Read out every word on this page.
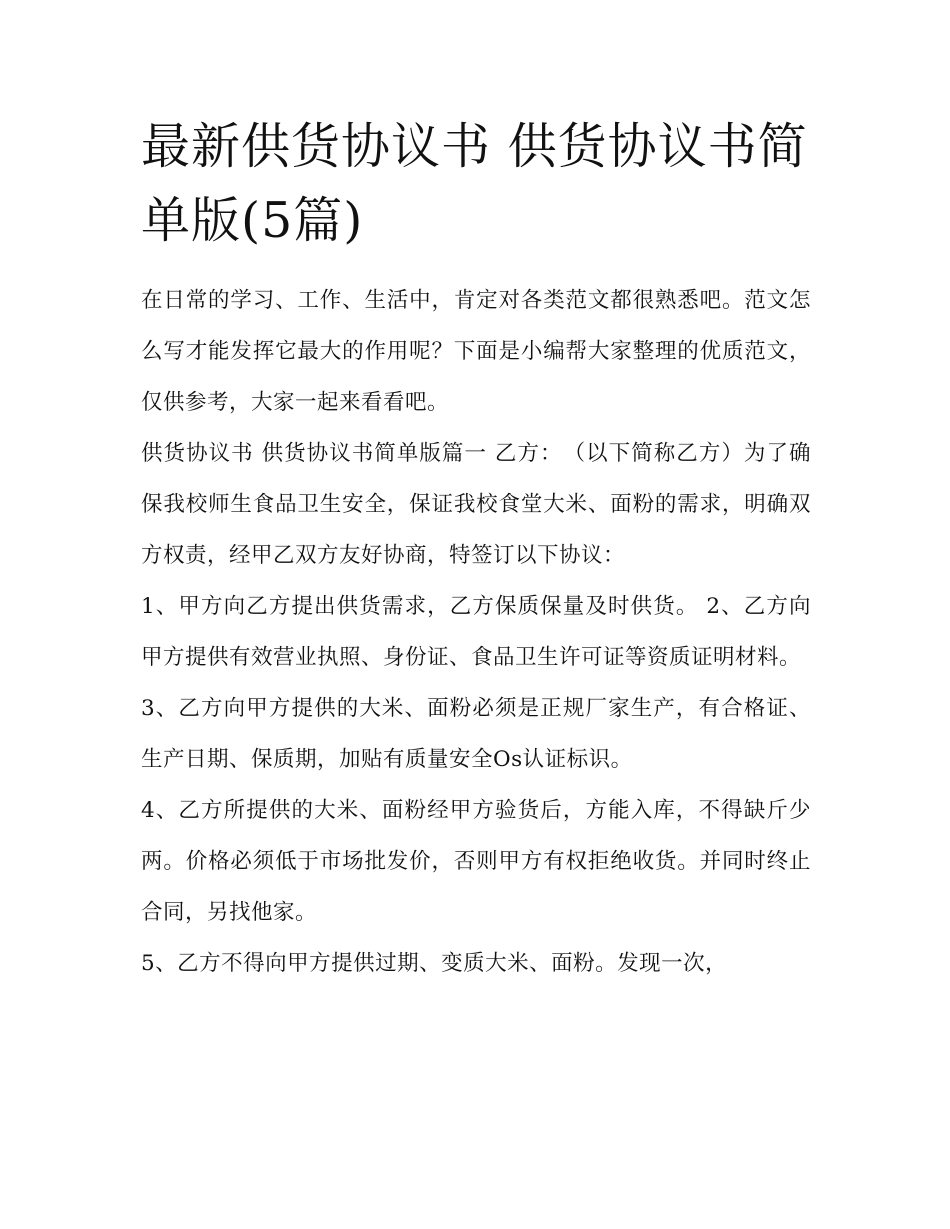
最新供货协议书 供货协议书简单版(5篇)

在日常的学习、工作、生活中，肯定对各类范文都很熟悉吧。范文怎么写才能发挥它最大的作用呢？下面是小编帮大家整理的优质范文，仅供参考，大家一起来看看吧。

供货协议书 供货协议书简单版篇一 乙方：　（以下简称乙方）为了确保我校师生食品卫生安全，保证我校食堂大米、面粉的需求，明确双方权责，经甲乙双方友好协商，特签订以下协议：

1、甲方向乙方提出供货需求，乙方保质保量及时供货。 2、乙方向甲方提供有效营业执照、身份证、食品卫生许可证等资质证明材料。

3、乙方向甲方提供的大米、面粉必须是正规厂家生产，有合格证、生产日期、保质期，加贴有质量安全Os认证标识。

4、乙方所提供的大米、面粉经甲方验货后，方能入库，不得缺斤少两。价格必须低于市场批发价，否则甲方有权拒绝收货。并同时终止合同，另找他家。

5、乙方不得向甲方提供过期、变质大米、面粉。发现一次，
